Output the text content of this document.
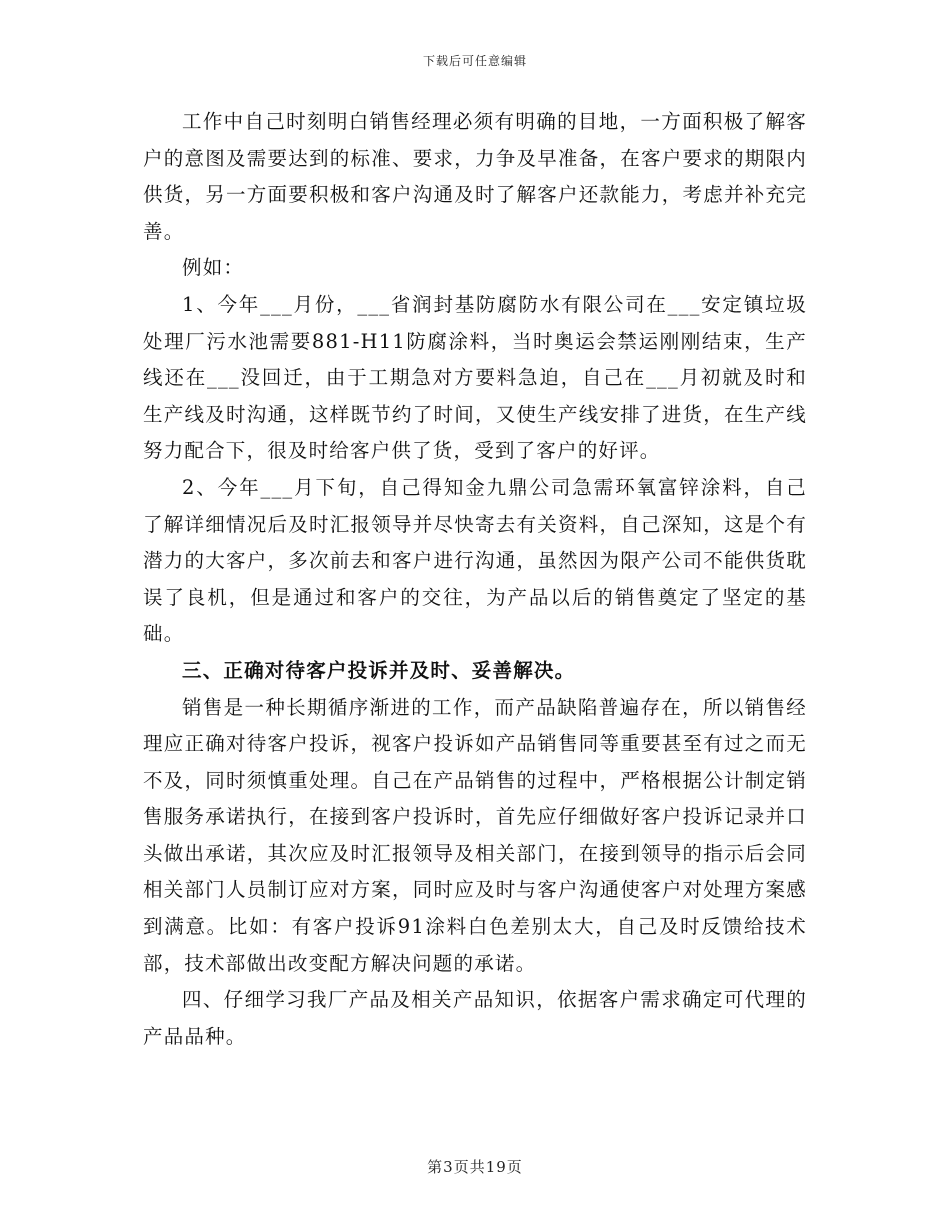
下载后可任意编辑

工作中自己时刻明白销售经理必须有明确的目地，一方面积极了解客户的意图及需要达到的标准、要求，力争及早准备，在客户要求的期限内供货，另一方面要积极和客户沟通及时了解客户还款能力，考虑并补充完善。

例如：

1、今年___月份，___省润封基防腐防水有限公司在___安定镇垃圾处理厂污水池需要881-H11防腐涂料，当时奥运会禁运刚刚结束，生产线还在___没回迁，由于工期急对方要料急迫，自己在___月初就及时和生产线及时沟通，这样既节约了时间，又使生产线安排了进货，在生产线努力配合下，很及时给客户供了货，受到了客户的好评。

2、今年___月下旬，自己得知金九鼎公司急需环氧富锌涂料，自己了解详细情况后及时汇报领导并尽快寄去有关资料，自己深知，这是个有潜力的大客户，多次前去和客户进行沟通，虽然因为限产公司不能供货耽误了良机，但是通过和客户的交往，为产品以后的销售奠定了坚定的基础。

三、正确对待客户投诉并及时、妥善解决。

销售是一种长期循序渐进的工作，而产品缺陷普遍存在，所以销售经理应正确对待客户投诉，视客户投诉如产品销售同等重要甚至有过之而无不及，同时须慎重处理。自己在产品销售的过程中，严格根据公计制定销售服务承诺执行，在接到客户投诉时，首先应仔细做好客户投诉记录并口头做出承诺，其次应及时汇报领导及相关部门，在接到领导的指示后会同相关部门人员制订应对方案，同时应及时与客户沟通使客户对处理方案感到满意。比如：有客户投诉91涂料白色差别太大，自己及时反馈给技术部，技术部做出改变配方解决问题的承诺。

四、仔细学习我厂产品及相关产品知识，依据客户需求确定可代理的产品品种。

第3页共19页
